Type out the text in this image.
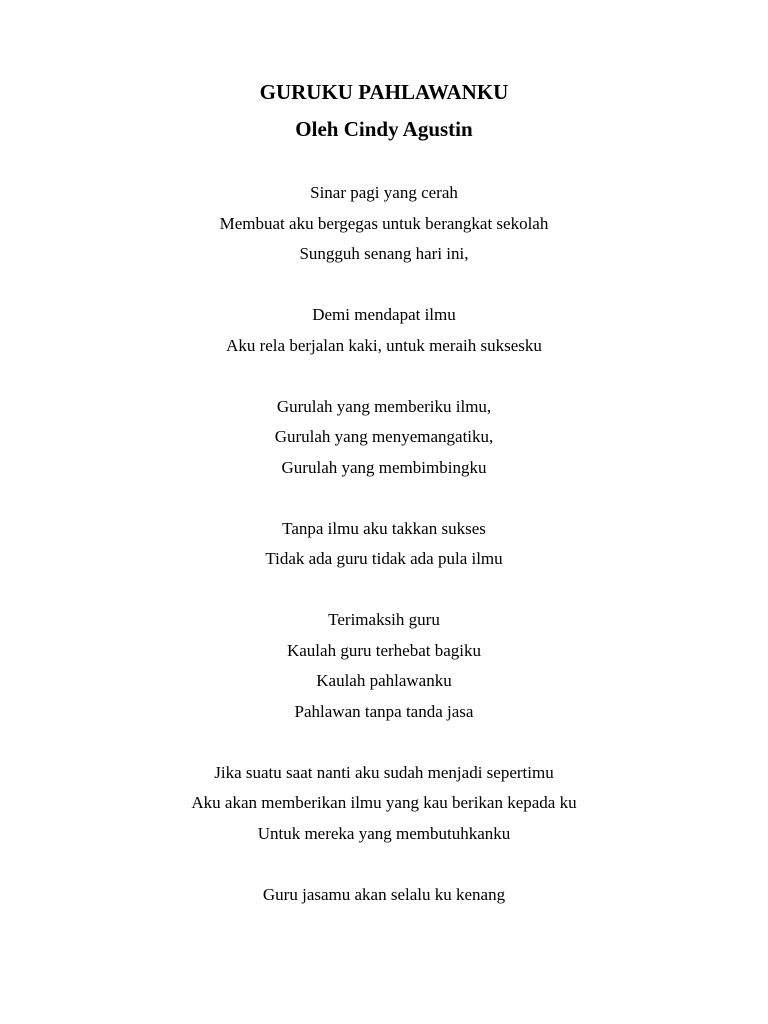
GURUKU PAHLAWANKU
Oleh Cindy Agustin
Sinar pagi yang cerah
Membuat aku bergegas untuk berangkat sekolah
Sungguh senang hari ini,
Demi mendapat ilmu
Aku rela berjalan kaki, untuk meraih suksesku
Gurulah yang memberiku ilmu,
Gurulah yang menyemangatiku,
Gurulah yang membimbingku
Tanpa ilmu aku takkan sukses
Tidak ada guru tidak ada pula ilmu
Terimaksih guru
Kaulah guru terhebat bagiku
Kaulah pahlawanku
Pahlawan tanpa tanda jasa
Jika suatu saat nanti aku sudah menjadi sepertimu
Aku akan memberikan ilmu yang kau berikan kepada ku
Untuk mereka yang membutuhkanku
Guru jasamu akan selalu ku kenang
